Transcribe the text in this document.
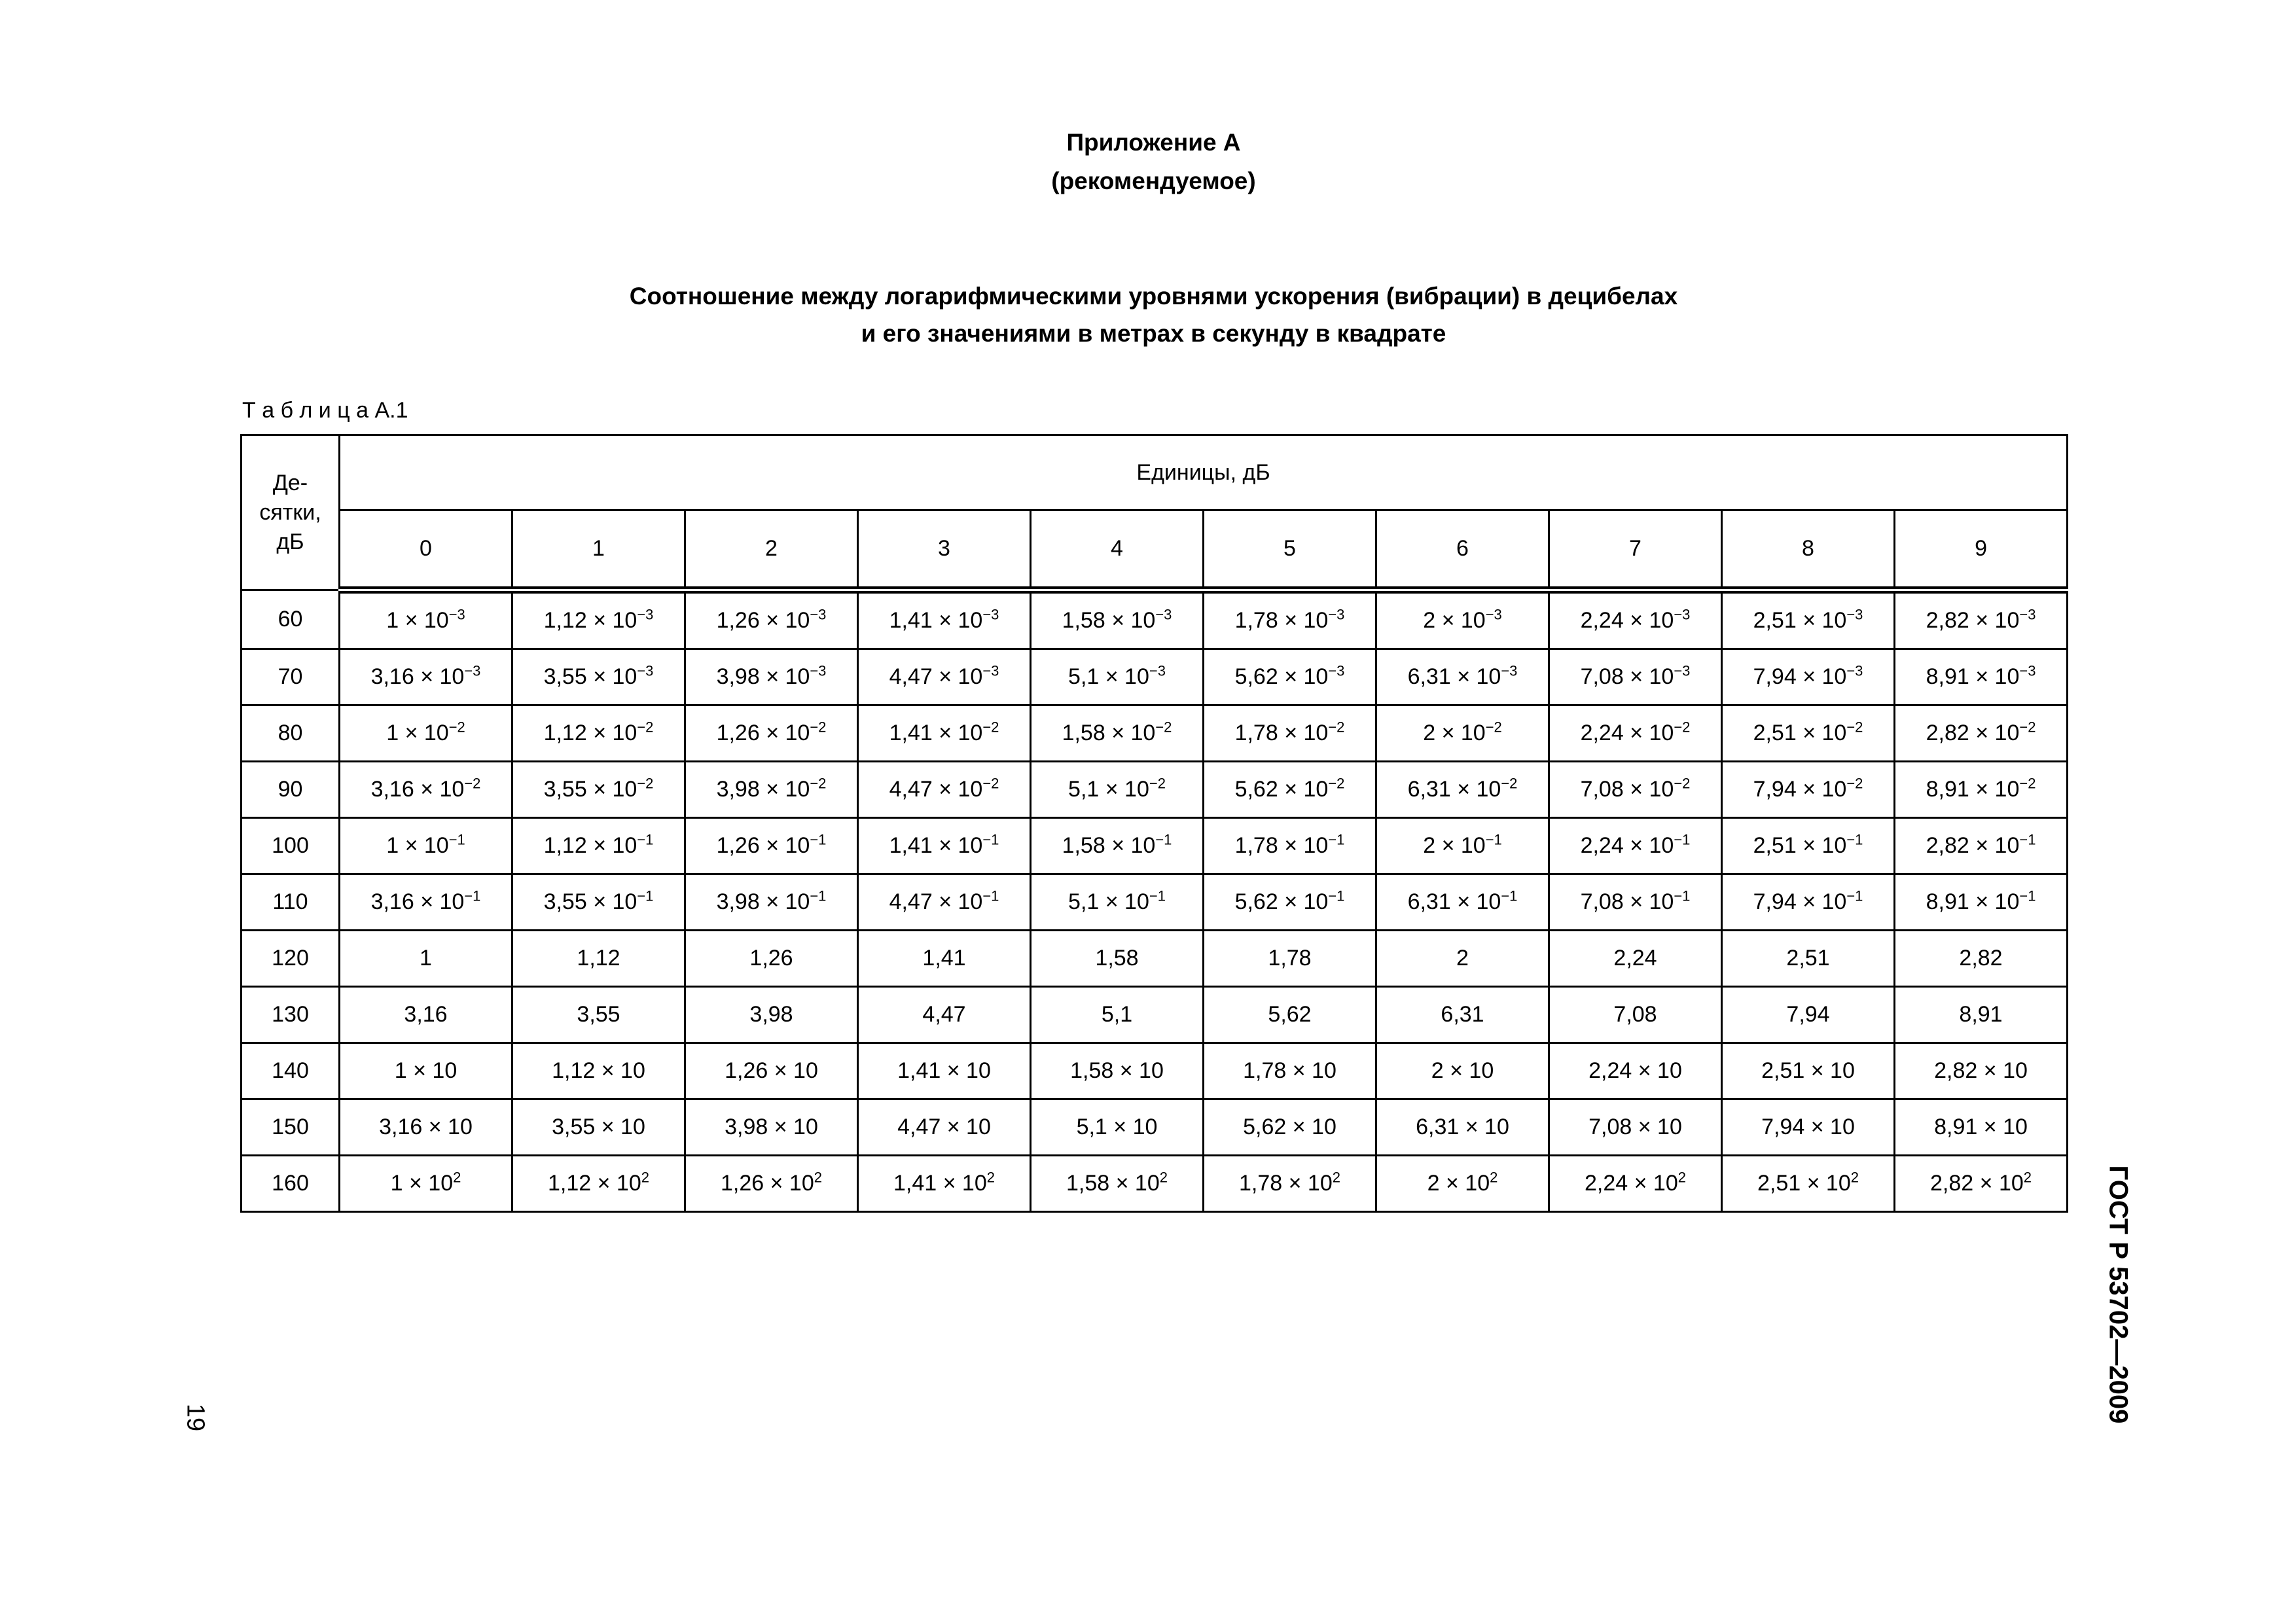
Приложение А
(рекомендуемое)
Соотношение между логарифмическими уровнями ускорения (вибрации) в децибелах
и его значениями в метрах в секунду в квадрате
Т а б л и ц а А.1
Де-
сятки,
дБ	Единицы, дБ									
	0	1	2	3	4	5	6	7	8	9
60	$1 \times 10^{-3}$	$1,12 \times 10^{-3}$	$1,26 \times 10^{-3}$	$1,41 \times 10^{-3}$	$1,58 \times 10^{-3}$	$1,78 \times 10^{-3}$	$2 \times 10^{-3}$	$2,24 \times 10^{-3}$	$2,51 \times 10^{-3}$	$2,82 \times 10^{-3}$
70	$3,16 \times 10^{-3}$	$3,55 \times 10^{-3}$	$3,98 \times 10^{-3}$	$4,47 \times 10^{-3}$	$5,1 \times 10^{-3}$	$5,62 \times 10^{-3}$	$6,31 \times 10^{-3}$	$7,08 \times 10^{-3}$	$7,94 \times 10^{-3}$	$8,91 \times 10^{-3}$
80	$1 \times 10^{-2}$	$1,12 \times 10^{-2}$	$1,26 \times 10^{-2}$	$1,41 \times 10^{-2}$	$1,58 \times 10^{-2}$	$1,78 \times 10^{-2}$	$2 \times 10^{-2}$	$2,24 \times 10^{-2}$	$2,51 \times 10^{-2}$	$2,82 \times 10^{-2}$
90	$3,16 \times 10^{-2}$	$3,55 \times 10^{-2}$	$3,98 \times 10^{-2}$	$4,47 \times 10^{-2}$	$5,1 \times 10^{-2}$	$5,62 \times 10^{-2}$	$6,31 \times 10^{-2}$	$7,08 \times 10^{-2}$	$7,94 \times 10^{-2}$	$8,91 \times 10^{-2}$
100	$1 \times 10^{-1}$	$1,12 \times 10^{-1}$	$1,26 \times 10^{-1}$	$1,41 \times 10^{-1}$	$1,58 \times 10^{-1}$	$1,78 \times 10^{-1}$	$2 \times 10^{-1}$	$2,24 \times 10^{-1}$	$2,51 \times 10^{-1}$	$2,82 \times 10^{-1}$
110	$3,16 \times 10^{-1}$	$3,55 \times 10^{-1}$	$3,98 \times 10^{-1}$	$4,47 \times 10^{-1}$	$5,1 \times 10^{-1}$	$5,62 \times 10^{-1}$	$6,31 \times 10^{-1}$	$7,08 \times 10^{-1}$	$7,94 \times 10^{-1}$	$8,91 \times 10^{-1}$
120	1	1,12	1,26	1,41	1,58	1,78	2	2,24	2,51	2,82
130	3,16	3,55	3,98	4,47	5,1	5,62	6,31	7,08	7,94	8,91
140	1 × 10	1,12 × 10	1,26 × 10	1,41 × 10	1,58 × 10	1,78 × 10	2 × 10	2,24 × 10	2,51 × 10	2,82 × 10
150	3,16 × 10	3,55 × 10	3,98 × 10	4,47 × 10	5,1 × 10	5,62 × 10	6,31 × 10	7,08 × 10	7,94 × 10	8,91 × 10
160	$1 \times 10^2$	$1,12 \times 10^2$	$1,26 \times 10^2$	$1,41 \times 10^2$	$1,58 \times 10^2$	$1,78 \times 10^2$	$2 \times 10^2$	$2,24 \times 10^2$	$2,51 \times 10^2$	$2,82 \times 10^2$	ГОСТ Р 53702—2009
19
